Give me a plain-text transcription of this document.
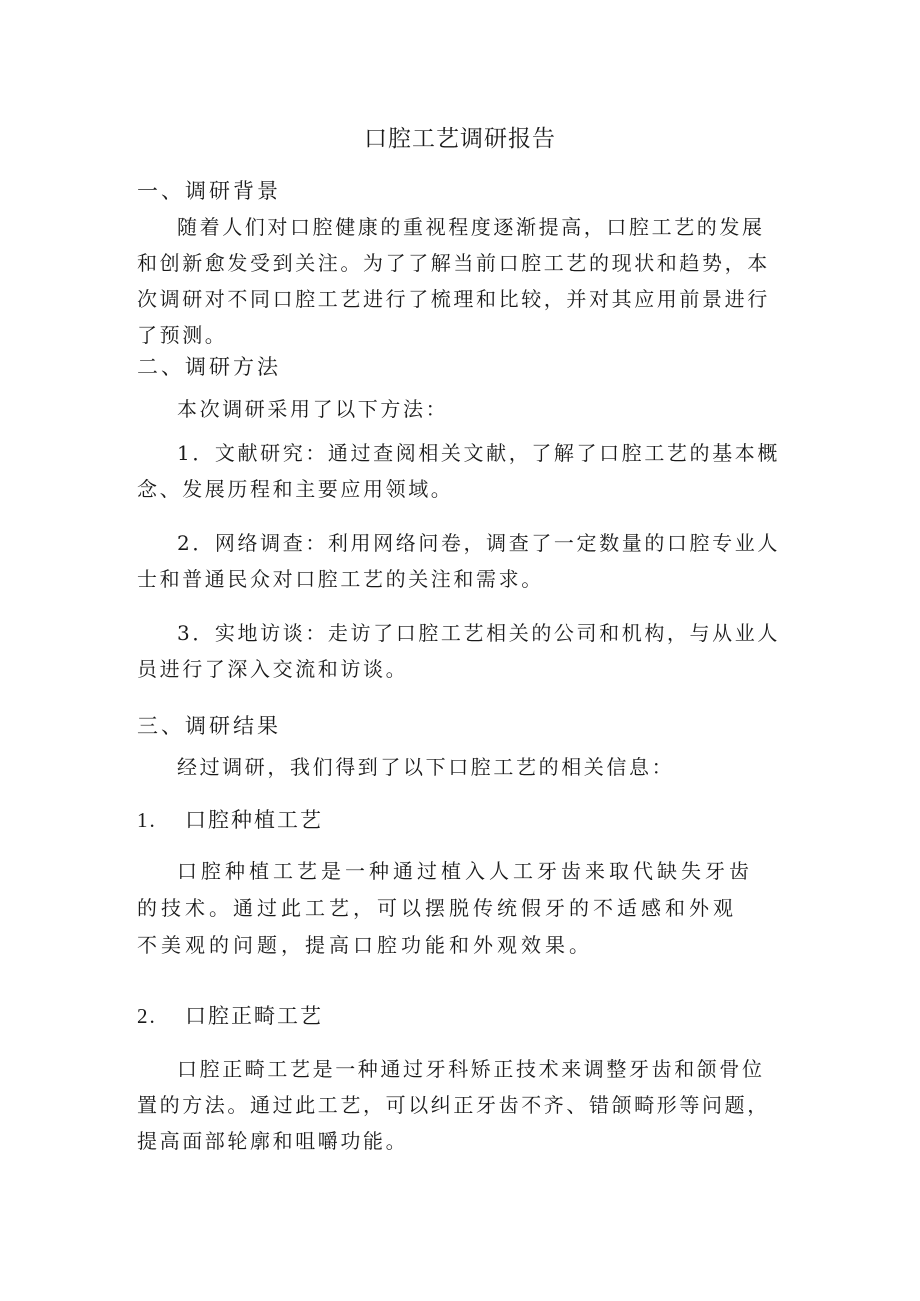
口腔工艺调研报告
一、调研背景
随着人们对口腔健康的重视程度逐渐提高，口腔工艺的发展和创新愈发受到关注。为了了解当前口腔工艺的现状和趋势，本次调研对不同口腔工艺进行了梳理和比较，并对其应用前景进行了预测。
二、调研方法
本次调研采用了以下方法：
1．文献研究：通过查阅相关文献，了解了口腔工艺的基本概念、发展历程和主要应用领域。
2．网络调查：利用网络问卷，调查了一定数量的口腔专业人士和普通民众对口腔工艺的关注和需求。
3．实地访谈：走访了口腔工艺相关的公司和机构，与从业人员进行了深入交流和访谈。
三、调研结果
经过调研，我们得到了以下口腔工艺的相关信息：
1. 口腔种植工艺
口腔种植工艺是一种通过植入人工牙齿来取代缺失牙齿的技术。通过此工艺，可以摆脱传统假牙的不适感和外观不美观的问题，提高口腔功能和外观效果。
2. 口腔正畸工艺
口腔正畸工艺是一种通过牙科矫正技术来调整牙齿和颌骨位置的方法。通过此工艺，可以纠正牙齿不齐、错颌畸形等问题，提高面部轮廓和咀嚼功能。
